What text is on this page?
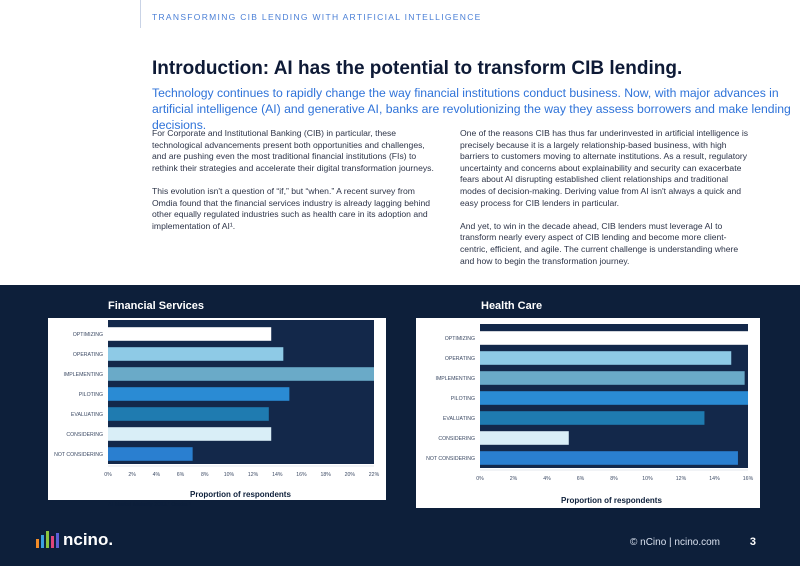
TRANSFORMING CIB LENDING WITH ARTIFICIAL INTELLIGENCE
Introduction: AI has the potential to transform CIB lending.

Technology continues to rapidly change the way financial institutions conduct business. Now, with major advances in artificial intelligence (AI) and generative AI, banks are revolutionizing the way they assess borrowers and make lending decisions.

For Corporate and Institutional Banking (CIB) in particular, these technological advancements present both opportunities and challenges, and are pushing even the most traditional financial institutions (FIs) to rethink their strategies and accelerate their digital transformation journeys.

This evolution isn't a question of “if,” but “when.” A recent survey from Omdia found that the financial services industry is already lagging behind other equally regulated industries such as health care in its adoption and implementation of AI¹.

One of the reasons CIB has thus far underinvested in artificial intelligence is precisely because it is a largely relationship-based business, with high barriers to customers moving to alternate institutions. As a result, regulatory uncertainty and concerns about explainability and security can exacerbate fears about AI disrupting established client relationships and traditional modes of decision-making. Deriving value from AI isn't always a quick and easy process for CIB lenders in particular.

And yet, to win in the decade ahead, CIB lenders must leverage AI to transform nearly every aspect of CIB lending and become more client-centric, efficient, and agile. The current challenge is understanding where and how to begin the transformation journey.

Financial Services
OPTIMIZING
OPERATING
IMPLEMENTING
PILOTING
EVALUATING
CONSIDERING
NOT CONSIDERING
0%	2%	4%	6%	8%	10%	12%	14%	16%	18%	20%	22%
Proportion of respondents
AI Market Maturity 2023,” Omdia ¹
Health Care
OPTIMIZING
OPERATING
IMPLEMENTING
PILOTING
EVALUATING
CONSIDERING
NOT CONSIDERING
0%	2%	4%	6%	8%	10%	12%	14%	16%
Proportion of respondents
ncino.	© nCino | ncino.com	3
